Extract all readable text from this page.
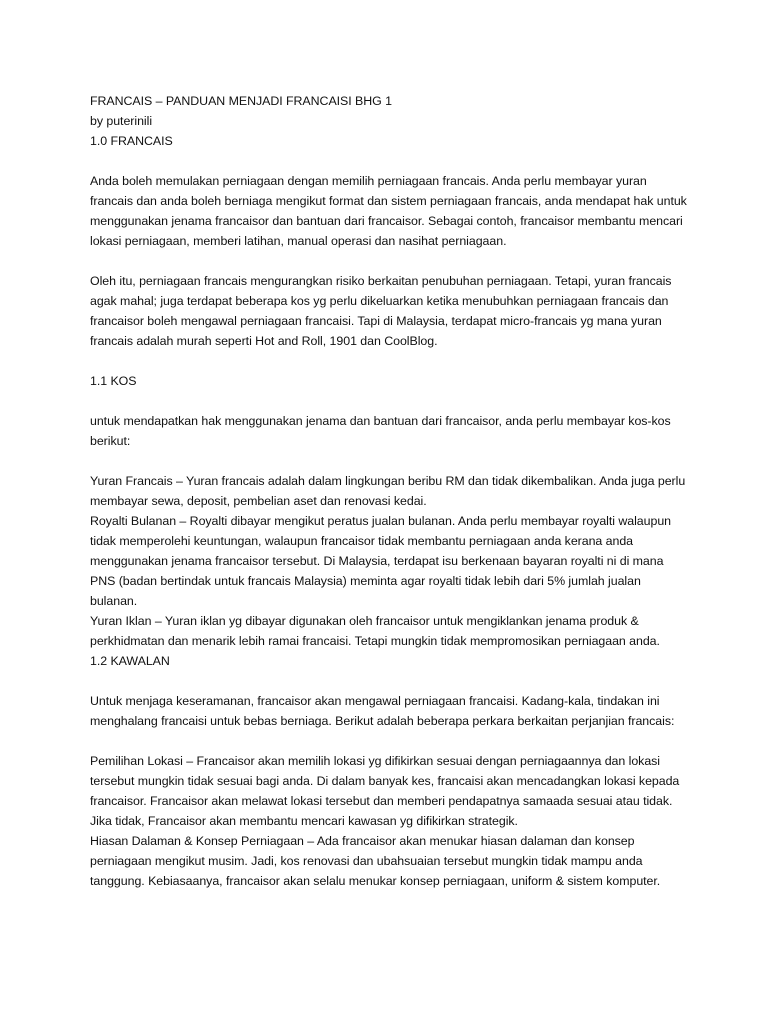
FRANCAIS – PANDUAN MENJADI FRANCAISI BHG 1

by puterinili

1.0 FRANCAIS

Anda boleh memulakan perniagaan dengan memilih perniagaan francais. Anda perlu membayar yuran francais dan anda boleh berniaga mengikut format dan sistem perniagaan francais, anda mendapat hak untuk menggunakan jenama francaisor dan bantuan dari francaisor. Sebagai contoh, francaisor membantu mencari lokasi perniagaan, memberi latihan, manual operasi dan nasihat perniagaan.

Oleh itu, perniagaan francais mengurangkan risiko berkaitan penubuhan perniagaan. Tetapi, yuran francais agak mahal; juga terdapat beberapa kos yg perlu dikeluarkan ketika menubuhkan perniagaan francais dan francaisor boleh mengawal perniagaan francaisi. Tapi di Malaysia, terdapat micro-francais yg mana yuran francais adalah murah seperti Hot and Roll, 1901 dan CoolBlog.

1.1 KOS

untuk mendapatkan hak menggunakan jenama dan bantuan dari francaisor, anda perlu membayar kos-kos berikut:

Yuran Francais – Yuran francais adalah dalam lingkungan beribu RM dan tidak dikembalikan. Anda juga perlu membayar sewa, deposit, pembelian aset dan renovasi kedai.

Royalti Bulanan – Royalti dibayar mengikut peratus jualan bulanan. Anda perlu membayar royalti walaupun tidak memperolehi keuntungan, walaupun francaisor tidak membantu perniagaan anda kerana anda menggunakan jenama francaisor tersebut. Di Malaysia, terdapat isu berkenaan bayaran royalti ni di mana PNS (badan bertindak untuk francais Malaysia) meminta agar royalti tidak lebih dari 5% jumlah jualan bulanan.

Yuran Iklan – Yuran iklan yg dibayar digunakan oleh francaisor untuk mengiklankan jenama produk & perkhidmatan dan menarik lebih ramai francaisi. Tetapi mungkin tidak mempromosikan perniagaan anda.

1.2 KAWALAN

Untuk menjaga keseramanan, francaisor akan mengawal perniagaan francaisi. Kadang-kala, tindakan ini menghalang francaisi untuk bebas berniaga. Berikut adalah beberapa perkara berkaitan perjanjian francais:

Pemilihan Lokasi – Francaisor akan memilih lokasi yg difikirkan sesuai dengan perniagaannya dan lokasi tersebut mungkin tidak sesuai bagi anda. Di dalam banyak kes, francaisi akan mencadangkan lokasi kepada francaisor. Francaisor akan melawat lokasi tersebut dan memberi pendapatnya samaada sesuai atau tidak. Jika tidak, Francaisor akan membantu mencari kawasan yg difikirkan strategik.

Hiasan Dalaman & Konsep Perniagaan – Ada francaisor akan menukar hiasan dalaman dan konsep perniagaan mengikut musim. Jadi, kos renovasi dan ubahsuaian tersebut mungkin tidak mampu anda tanggung. Kebiasaanya, francaisor akan selalu menukar konsep perniagaan, uniform & sistem komputer.
